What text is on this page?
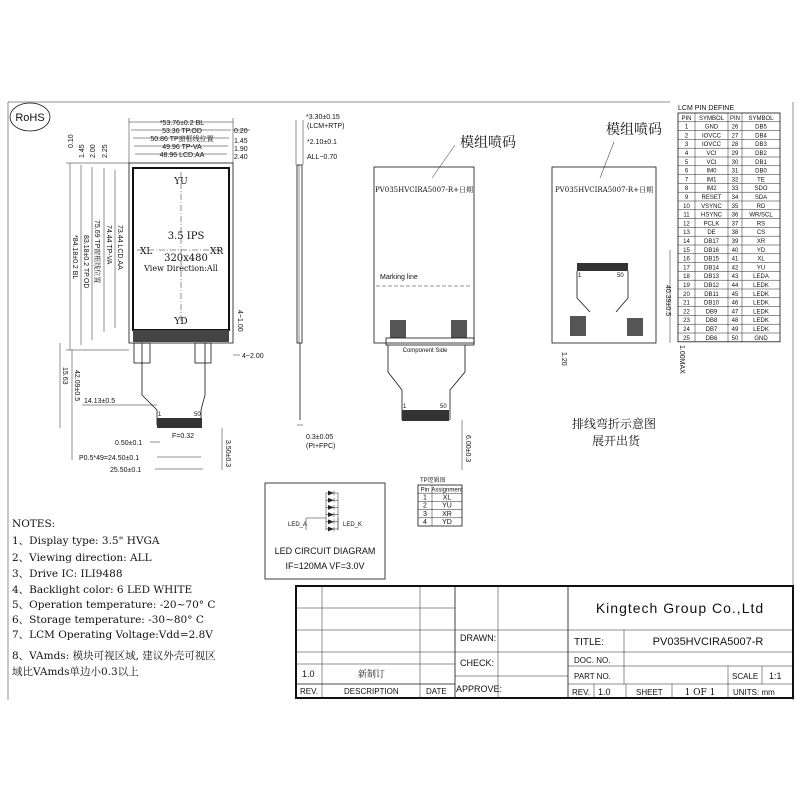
RoHS
YU
YD
XL	XR
3.5 IPS
320x480
View Direction:All
*53.76±0.2 BL
53.36 TP.OD
50.86 TP窗框线位置
49.96 TP-VA
48.96 LCD.AA
0.20
1.45
1.90
2.40
*84.18±0.2 BL 83.18±0.2 TP.OD 75.69 TP窗框线位置 74.44 TP-VA 73.44 LCD.AA
0.10
1.45 2.00 2.25
4~1.00
4~2.00
1	50
F=0.32
15.63 42.09±0.5
14.13±0.5
0.50±0.1
P0.5*49=24.50±0.1
25.50±0.1
3.50±0.3
*3.30±0.15
(LCM+RTP)
*2.10±0.1
ALL~0.70
0.3±0.05
(PI+FPC)
模组喷码
PV035HVCIRA5007-R+日期
Marking line
Component Side
1	50
6.00±0.3
模组喷码
PV035HVCIRA5007-R+日期
1	50
40.39±0.5
1.00MAX
1.20
排线弯折示意图
展开出货
LCM PIN DEFINE
PIN SYMBOL PIN SYMBOL
1	GND 26	DB5
2 IOVCC 27	DB4
3 IOVCC 28	DB3
4	VCI	29	DB2
5	VCI	30	DB1
6	IM0	31	DB0
7	IM1	32	TE
8	IM2	33	SDO
9 RESET 34	SDA
10 VSYNC 35	RD
11 HSYNC 36 WR/SCL
12 PCLK 37	RS
13	DE	38	CS
14 DB17 39	XR
15 DB16 40	YD
16 DB15 41	XL
17 DB14 42	YU
18 DB13 43 LEDA
19 DB12 44 LEDK
20 DB11 45 LEDK
21 DB10 46 LEDK
22	DB9 47 LEDK
23	DB8 48 LEDK
24	DB7 49 LEDK
25	DB6 50	GND
TP逻辑图
Pin Assignment
1 XL
2 YU
3 XR
4 YD
LED_A	LED_K
LED CIRCUIT DIAGRAM
IF=120MA VF=3.0V
NOTES:
1、Display type: 3.5" HVGA
2、Viewing direction: ALL
3、Drive IC: ILI9488
4、Backlight color: 6 LED WHITE
5、Operation temperature: -20~70° C
6、Storage temperature: -30~80° C
7、LCM Operating Voltage:Vdd=2.8V
8、VAmds: 模块可视区域, 建议外壳可视区
域比VAmds单边小0.3以上
Kingtech Group Co.,Ltd
DRAWN:
CHECK:
APPROVE:
TITLE:	PV035HVCIRA5007-R
DOC. NO.
PART NO.	SCALE 1:1
REV. 1.0	SHEET 1 OF 1 UNITS: mm
REV.	DESCRIPTION	DATE
1.0	新制订
